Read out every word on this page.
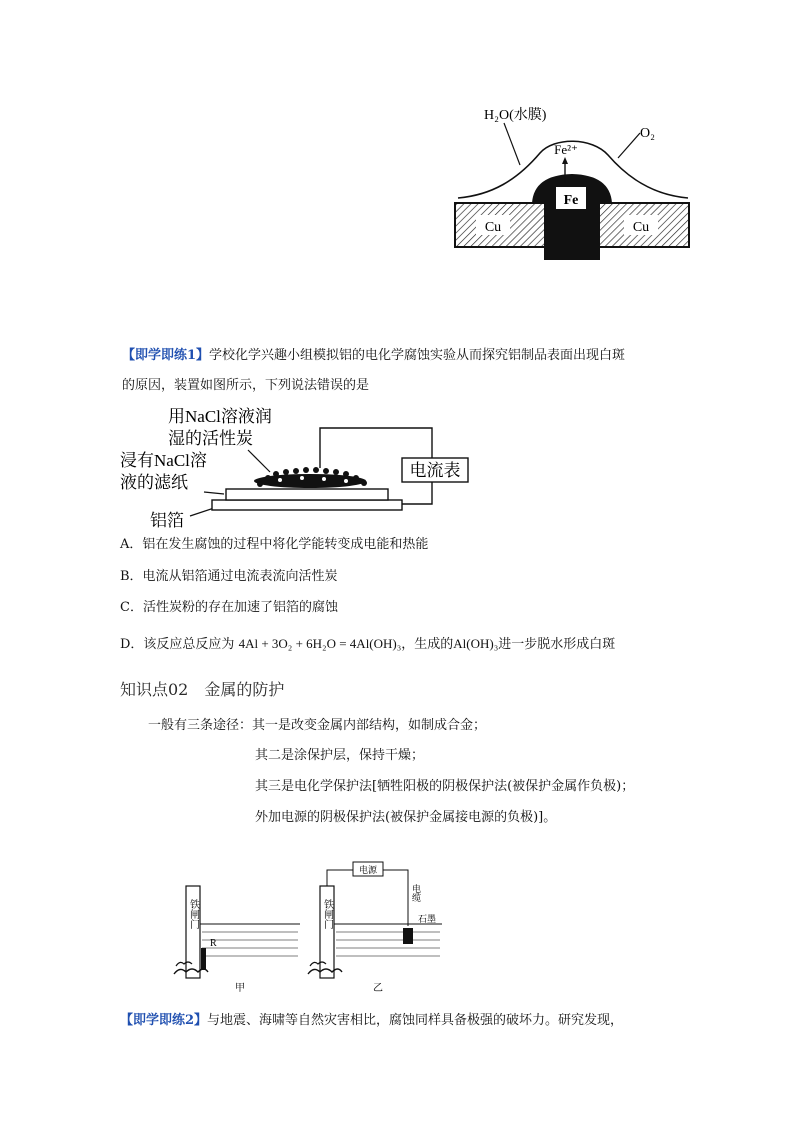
Fe
Cu	Cu
Fe²⁺
H₂O(水膜)
O₂
【即学即练1】学校化学兴趣小组模拟铝的电化学腐蚀实验从而探究铝制品表面出现白斑
的原因，装置如图所示，下列说法错误的是
用NaCl溶液润
湿的活性炭
浸有NaCl溶
液的滤纸
铝箔
电流表
A．铝在发生腐蚀的过程中将化学能转变成电能和热能
B．电流从铝箔通过电流表流向活性炭
C．活性炭粉的存在加速了铝箔的腐蚀
D．该反应总反应为 4Al + 3O₂ + 6H₂O = 4Al(OH)₃，生成的Al(OH)₃进一步脱水形成白斑
知识点02　金属的防护
一般有三条途径：其一是改变金属内部结构，如制成合金；
其二是涂保护层，保持干燥；
其三是电化学保护法[牺牲阳极的阴极保护法(被保护金属作负极)；
外加电源的阴极保护法(被保护金属接电源的负极)]。
铁闸门
R
甲
铁闸门
电源
电缆
石墨
乙
【即学即练2】与地震、海啸等自然灾害相比，腐蚀同样具备极强的破坏力。研究发现，
